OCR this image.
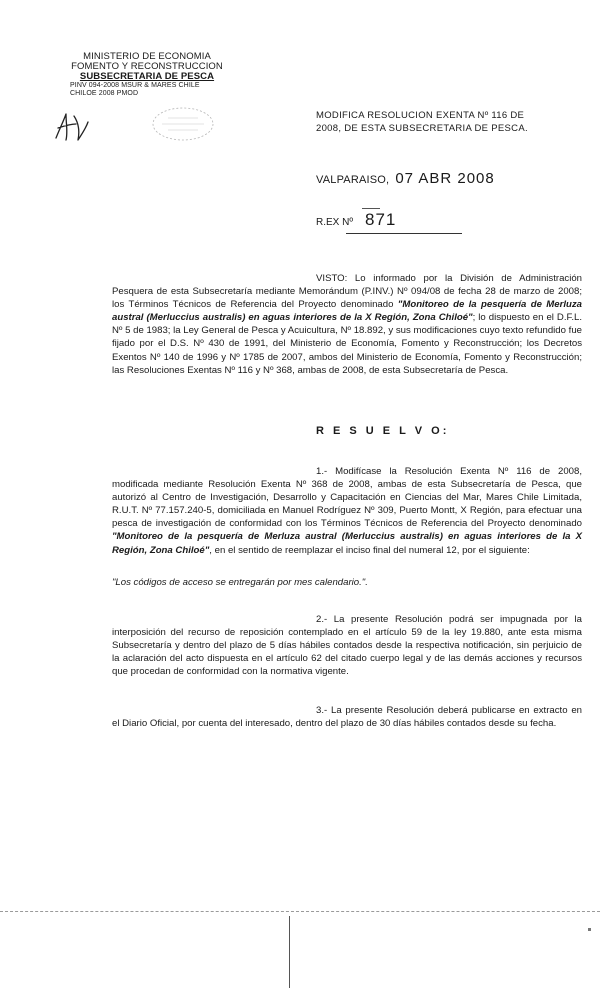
MINISTERIO DE ECONOMIA
FOMENTO Y RECONSTRUCCION
SUBSECRETARIA DE PESCA
PINV 094-2008 MSUR & MARES CHILE
CHILOE 2008 PMOD
MODIFICA RESOLUCION EXENTA Nº 116 DE
2008, DE ESTA SUBSECRETARIA DE PESCA.
VALPARAISO, 07 ABR 2008
R.EX Nº 871
VISTO: Lo informado por la División de Administración Pesquera de esta Subsecretaría mediante Memorándum (P.INV.) Nº 094/08 de fecha 28 de marzo de 2008; los Términos Técnicos de Referencia del Proyecto denominado "Monitoreo de la pesquería de Merluza austral (Merluccius australis) en aguas interiores de la X Región, Zona Chiloé"; lo dispuesto en el D.F.L. Nº 5 de 1983; la Ley General de Pesca y Acuicultura, Nº 18.892, y sus modificaciones cuyo texto refundido fue fijado por el D.S. Nº 430 de 1991, del Ministerio de Economía, Fomento y Reconstrucción; los Decretos Exentos Nº 140 de 1996 y Nº 1785 de 2007, ambos del Ministerio de Economía, Fomento y Reconstrucción; las Resoluciones Exentas Nº 116 y Nº 368, ambas de 2008, de esta Subsecretaría de Pesca.
R E S U E L V O:
1.- Modifícase la Resolución Exenta Nº 116 de 2008, modificada mediante Resolución Exenta Nº 368 de 2008, ambas de esta Subsecretaría de Pesca, que autorizó al Centro de Investigación, Desarrollo y Capacitación en Ciencias del Mar, Mares Chile Limitada, R.U.T. Nº 77.157.240-5, domiciliada en Manuel Rodríguez Nº 309, Puerto Montt, X Región, para efectuar una pesca de investigación de conformidad con los Términos Técnicos de Referencia del Proyecto denominado "Monitoreo de la pesquería de Merluza austral (Merluccius australis) en aguas interiores de la X Región, Zona Chiloé", en el sentido de reemplazar el inciso final del numeral 12, por el siguiente:
"Los códigos de acceso se entregarán por mes calendario.".
2.- La presente Resolución podrá ser impugnada por la interposición del recurso de reposición contemplado en el artículo 59 de la ley 19.880, ante esta misma Subsecretaría y dentro del plazo de 5 días hábiles contados desde la respectiva notificación, sin perjuicio de la aclaración del acto dispuesta en el artículo 62 del citado cuerpo legal y de las demás acciones y recursos que procedan de conformidad con la normativa vigente.
3.- La presente Resolución deberá publicarse en extracto en el Diario Oficial, por cuenta del interesado, dentro del plazo de 30 días hábiles contados desde su fecha.
